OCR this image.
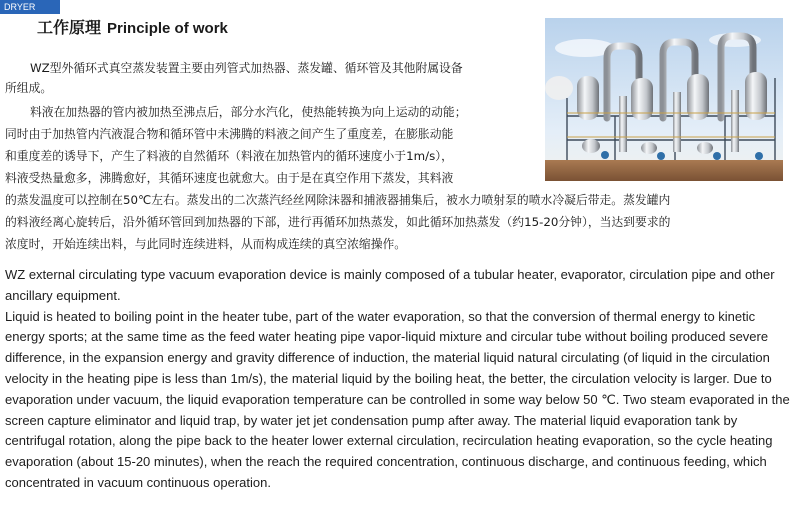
DRYER
工作原理 Principle of work
WZ型外循环式真空蒸发装置主要由列管式加热器、蒸发罐、循环管及其他附属设备
所组成。
料液在加热器的管内被加热至沸点后，部分水汽化，使热能转换为向上运动的动能；
同时由于加热管内汽液混合物和循环管中未沸腾的料液之间产生了重度差，在膨胀动能
和重度差的诱导下，产生了料液的自然循环（料液在加热管内的循环速度小于1m/s），
料液受热量愈多，沸腾愈好，其循环速度也就愈大。由于是在真空作用下蒸发，其料液
的蒸发温度可以控制在50℃左右。蒸发出的二次蒸汽经丝网除沫器和捕液器捕集后，被水力喷射泵的喷水冷凝后带走。蒸发罐内
的料液经离心旋转后，沿外循环管回到加热器的下部，进行再循环加热蒸发，如此循环加热蒸发（约15-20分钟），当达到要求的
浓度时，开始连续出料，与此同时连续进料，从而构成连续的真空浓缩操作。

WZ external circulating type vacuum evaporation device is mainly composed of a tubular heater, evaporator, circulation pipe and other ancillary equipment.

Liquid is heated to boiling point in the heater tube, part of the water evaporation, so that the conversion of thermal energy to kinetic energy sports; at the same time as the feed water heating pipe vapor-liquid mixture and circular tube without boiling produced severe difference, in the expansion energy and gravity difference of induction, the material liquid natural circulating (of liquid in the circulation velocity in the heating pipe is less than 1m/s), the material liquid by the boiling heat, the better, the circulation velocity is larger. Due to evaporation under vacuum, the liquid evaporation temperature can be controlled in some way below 50 ℃. Two steam evaporated in the screen capture eliminator and liquid trap, by water jet jet condensation pump after away. The material liquid evaporation tank by centrifugal rotation, along the pipe back to the heater lower external circulation, recirculation heating evaporation, so the cycle heating evaporation (about 15-20 minutes), when the reach the required concentration, continuous discharge, and continuous feeding, which concentrated in vacuum continuous operation.
